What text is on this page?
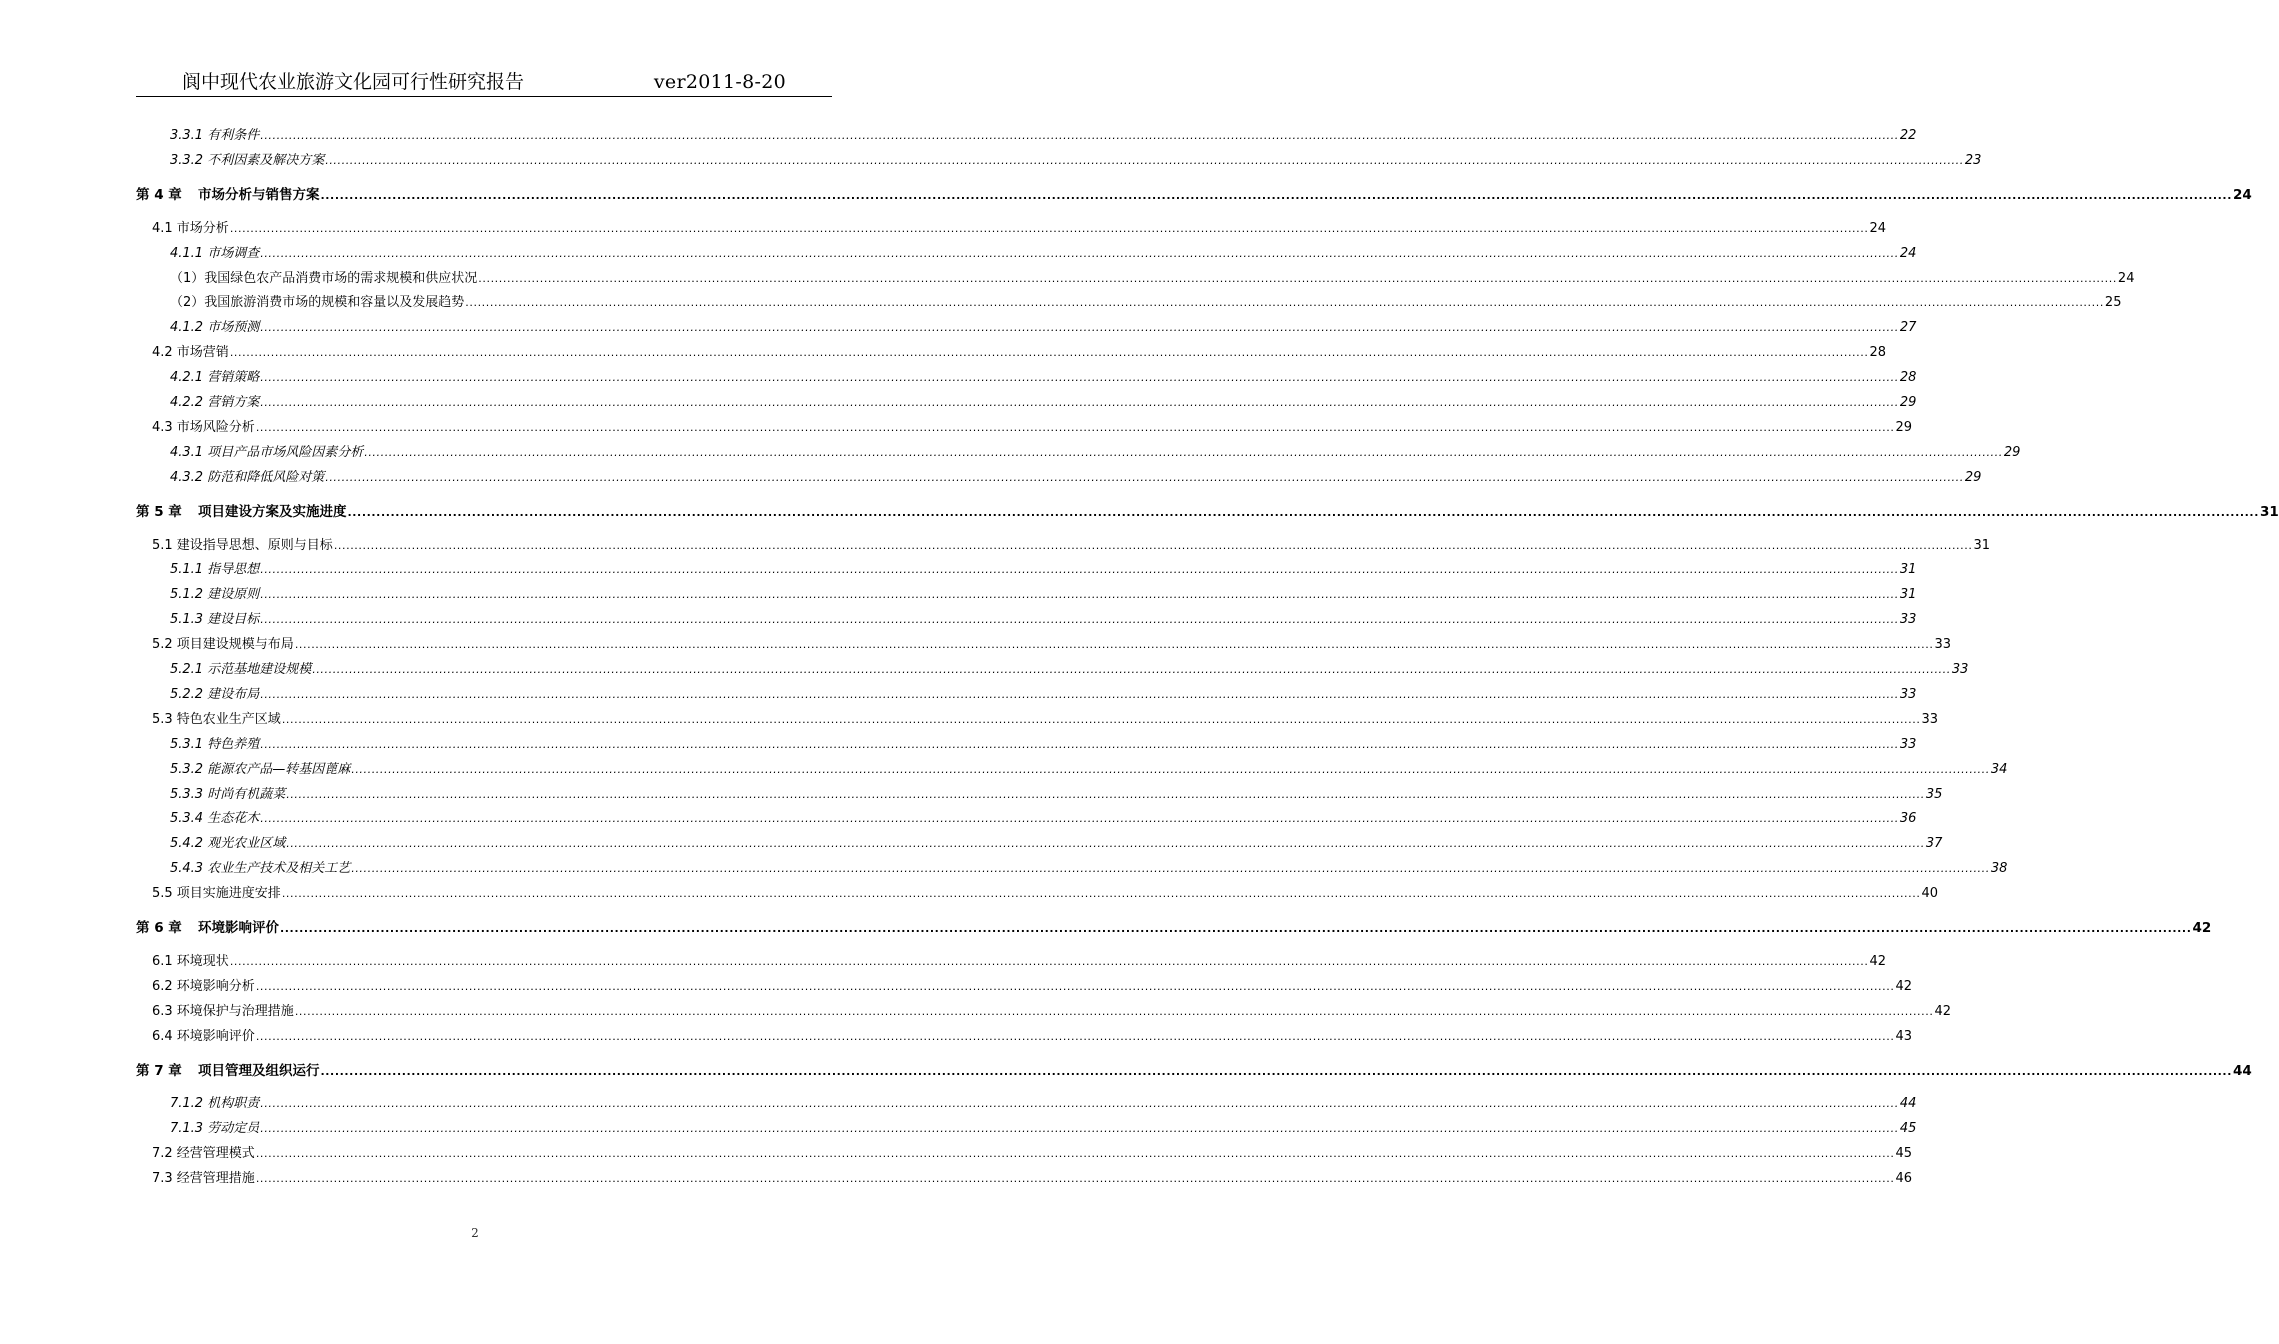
阆中现代农业旅游文化园可行性研究报告	ver2011-8-20
3.3.1 有利条件 ................................................................................................................................................................................................................................................................................................................................................................................................................ 22
3.3.2 不利因素及解决方案 ................................................................................................................................................................................................................................................................................................................................................................................................................ 23
第 4 章 市场分析与销售方案 ................................................................................................................................................................................................................................................................................................................................................................................................................ 24
4.1 市场分析 ................................................................................................................................................................................................................................................................................................................................................................................................................ 24
4.1.1 市场调查 ................................................................................................................................................................................................................................................................................................................................................................................................................ 24
（1）我国绿色农产品消费市场的需求规模和供应状况 ................................................................................................................................................................................................................................................................................................................................................................................................................ 24
（2）我国旅游消费市场的规模和容量以及发展趋势 ................................................................................................................................................................................................................................................................................................................................................................................................................ 25
4.1.2 市场预测 ................................................................................................................................................................................................................................................................................................................................................................................................................ 27
4.2 市场营销 ................................................................................................................................................................................................................................................................................................................................................................................................................ 28
4.2.1 营销策略 ................................................................................................................................................................................................................................................................................................................................................................................................................ 28
4.2.2 营销方案 ................................................................................................................................................................................................................................................................................................................................................................................................................ 29
4.3 市场风险分析 ................................................................................................................................................................................................................................................................................................................................................................................................................ 29
4.3.1 项目产品市场风险因素分析 ................................................................................................................................................................................................................................................................................................................................................................................................................ 29
4.3.2 防范和降低风险对策 ................................................................................................................................................................................................................................................................................................................................................................................................................ 29
第 5 章 项目建设方案及实施进度 ................................................................................................................................................................................................................................................................................................................................................................................................................ 31
5.1 建设指导思想、原则与目标 ................................................................................................................................................................................................................................................................................................................................................................................................................ 31
5.1.1 指导思想 ................................................................................................................................................................................................................................................................................................................................................................................................................ 31
5.1.2 建设原则 ................................................................................................................................................................................................................................................................................................................................................................................................................ 31
5.1.3 建设目标 ................................................................................................................................................................................................................................................................................................................................................................................................................ 33
5.2 项目建设规模与布局 ................................................................................................................................................................................................................................................................................................................................................................................................................ 33
5.2.1 示范基地建设规模 ................................................................................................................................................................................................................................................................................................................................................................................................................ 33
5.2.2 建设布局 ................................................................................................................................................................................................................................................................................................................................................................................................................ 33
5.3 特色农业生产区域 ................................................................................................................................................................................................................................................................................................................................................................................................................ 33
5.3.1 特色养殖 ................................................................................................................................................................................................................................................................................................................................................................................................................ 33
5.3.2 能源农产品—转基因蓖麻 ................................................................................................................................................................................................................................................................................................................................................................................................................ 34
5.3.3 时尚有机蔬菜 ................................................................................................................................................................................................................................................................................................................................................................................................................ 35
5.3.4 生态花木 ................................................................................................................................................................................................................................................................................................................................................................................................................ 36
5.4.2 观光农业区域 ................................................................................................................................................................................................................................................................................................................................................................................................................ 37
5.4.3 农业生产技术及相关工艺 ................................................................................................................................................................................................................................................................................................................................................................................................................ 38
5.5 项目实施进度安排 ................................................................................................................................................................................................................................................................................................................................................................................................................ 40
第 6 章 环境影响评价 ................................................................................................................................................................................................................................................................................................................................................................................................................ 42
6.1 环境现状 ................................................................................................................................................................................................................................................................................................................................................................................................................ 42
6.2 环境影响分析 ................................................................................................................................................................................................................................................................................................................................................................................................................ 42
6.3 环境保护与治理措施 ................................................................................................................................................................................................................................................................................................................................................................................................................ 42
6.4 环境影响评价 ................................................................................................................................................................................................................................................................................................................................................................................................................ 43
第 7 章 项目管理及组织运行 ................................................................................................................................................................................................................................................................................................................................................................................................................ 44
7.1.2 机构职责 ................................................................................................................................................................................................................................................................................................................................................................................................................ 44
7.1.3 劳动定员 ................................................................................................................................................................................................................................................................................................................................................................................................................ 45
7.2 经营管理模式 ................................................................................................................................................................................................................................................................................................................................................................................................................ 45
7.3 经营管理措施 ................................................................................................................................................................................................................................................................................................................................................................................................................ 46
2
